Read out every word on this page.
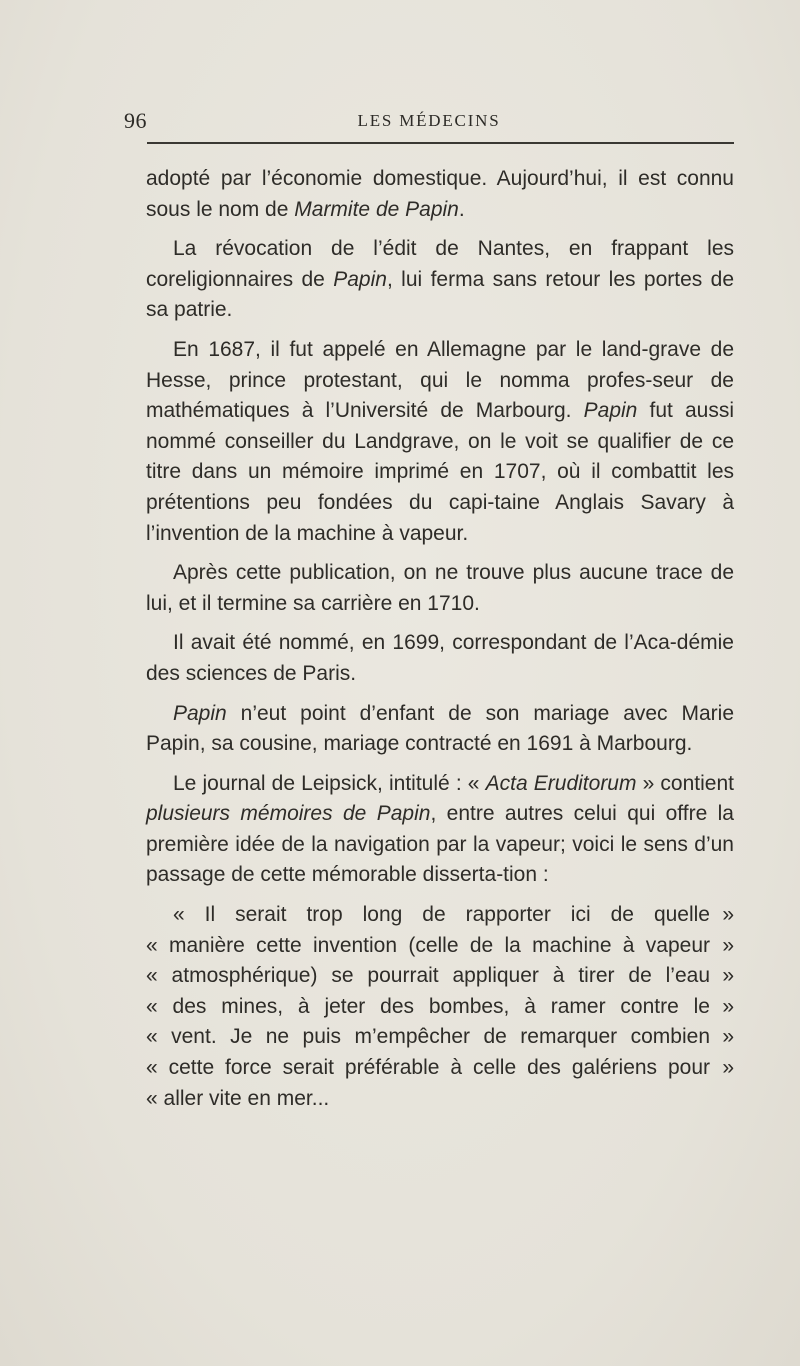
96	LES MÉDECINS

adopté par l’économie domestique. Aujourd’hui, il est connu sous le nom de Marmite de Papin.

La révocation de l’édit de Nantes, en frappant les coreligionnaires de Papin, lui ferma sans retour les portes de sa patrie.

En 1687, il fut appelé en Allemagne par le land-grave de Hesse, prince protestant, qui le nomma profes-seur de mathématiques à l’Université de Marbourg. Papin fut aussi nommé conseiller du Landgrave, on le voit se qualifier de ce titre dans un mémoire imprimé en 1707, où il combattit les prétentions peu fondées du capi-taine Anglais Savary à l’invention de la machine à vapeur.

Après cette publication, on ne trouve plus aucune trace de lui, et il termine sa carrière en 1710.

Il avait été nommé, en 1699, correspondant de l’Aca-démie des sciences de Paris.

Papin n’eut point d’enfant de son mariage avec Marie Papin, sa cousine, mariage contracté en 1691 à Marbourg.

Le journal de Leipsick, intitulé : « Acta Eruditorum » contient plusieurs mémoires de Papin, entre autres celui qui offre la première idée de la navigation par la vapeur; voici le sens d’un passage de cette mémorable disserta-tion :

« Il serait trop long de rapporter ici de quelle »
« manière cette invention (celle de la machine à vapeur »
« atmosphérique) se pourrait appliquer à tirer de l’eau »
« des mines, à jeter des bombes, à ramer contre le »
« vent. Je ne puis m’empêcher de remarquer combien »
« cette force serait préférable à celle des galériens pour »
« aller vite en mer...
